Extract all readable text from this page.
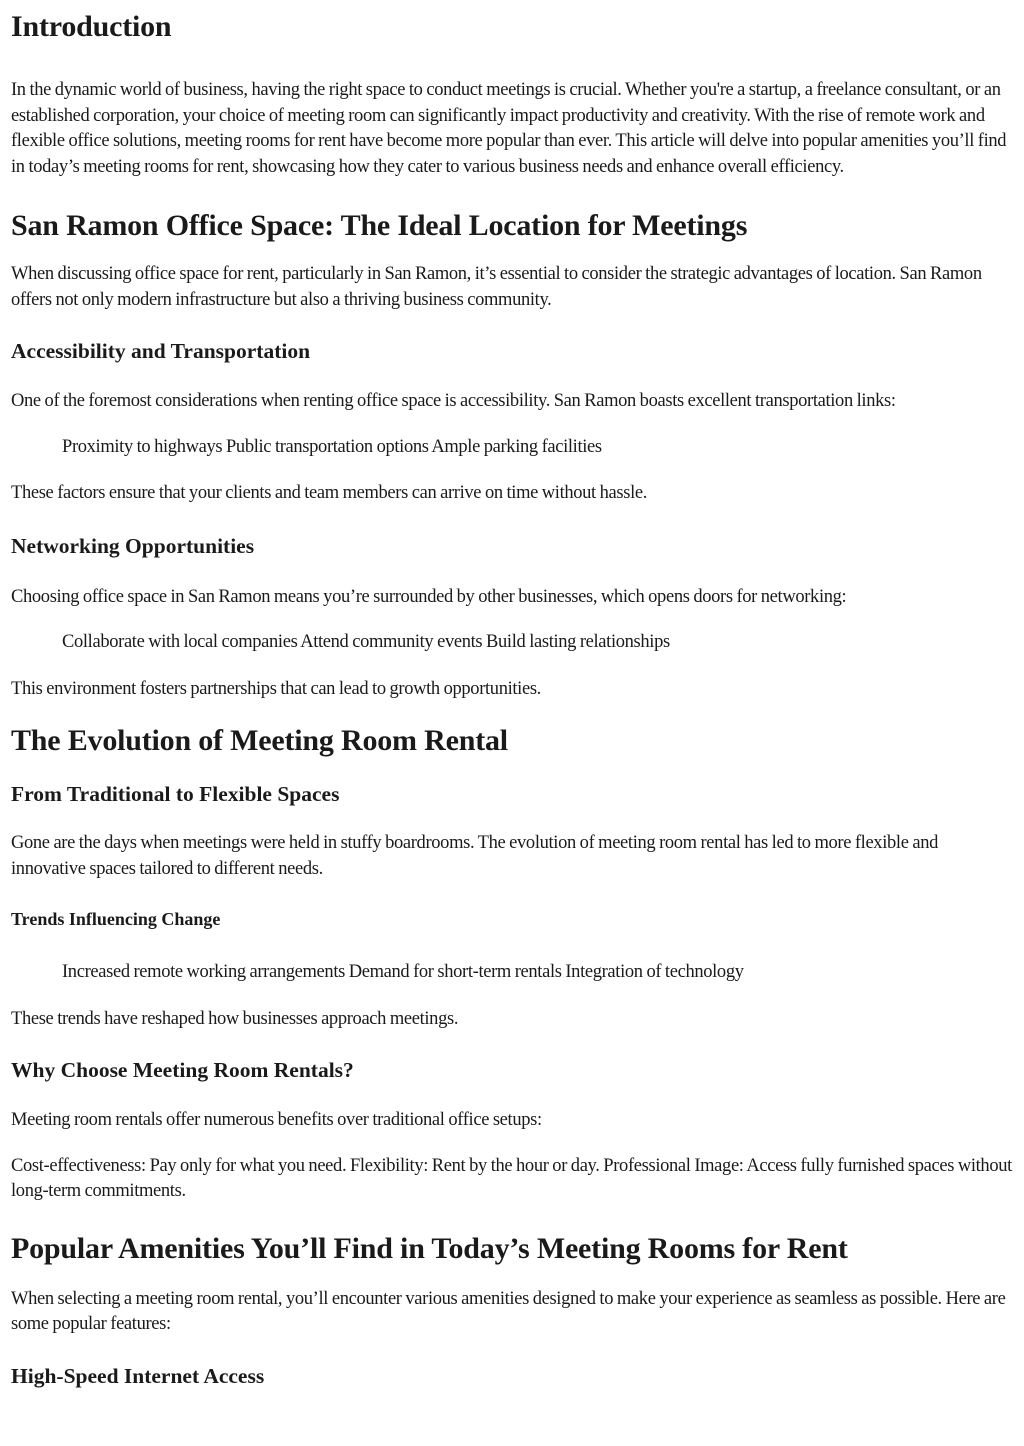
Introduction

In the dynamic world of business, having the right space to conduct meetings is crucial. Whether you're a startup, a freelance consultant, or an established corporation, your choice of meeting room can significantly impact productivity and creativity. With the rise of remote work and flexible office solutions, meeting rooms for rent have become more popular than ever. This article will delve into popular amenities you’ll find in today’s meeting rooms for rent, showcasing how they cater to various business needs and enhance overall efficiency.

San Ramon Office Space: The Ideal Location for Meetings

When discussing office space for rent, particularly in San Ramon, it’s essential to consider the strategic advantages of location. San Ramon offers not only modern infrastructure but also a thriving business community.

Accessibility and Transportation

One of the foremost considerations when renting office space is accessibility. San Ramon boasts excellent transportation links:

Proximity to highways Public transportation options Ample parking facilities

These factors ensure that your clients and team members can arrive on time without hassle.

Networking Opportunities

Choosing office space in San Ramon means you’re surrounded by other businesses, which opens doors for networking:

Collaborate with local companies Attend community events Build lasting relationships

This environment fosters partnerships that can lead to growth opportunities.

The Evolution of Meeting Room Rental
From Traditional to Flexible Spaces

Gone are the days when meetings were held in stuffy boardrooms. The evolution of meeting room rental has led to more flexible and innovative spaces tailored to different needs.

Trends Influencing Change

Increased remote working arrangements Demand for short-term rentals Integration of technology

These trends have reshaped how businesses approach meetings.

Why Choose Meeting Room Rentals?

Meeting room rentals offer numerous benefits over traditional office setups:

Cost-effectiveness: Pay only for what you need. Flexibility: Rent by the hour or day. Professional Image: Access fully furnished spaces without long-term commitments.

Popular Amenities You’ll Find in Today’s Meeting Rooms for Rent

When selecting a meeting room rental, you’ll encounter various amenities designed to make your experience as seamless as possible. Here are some popular features:

High-Speed Internet Access
